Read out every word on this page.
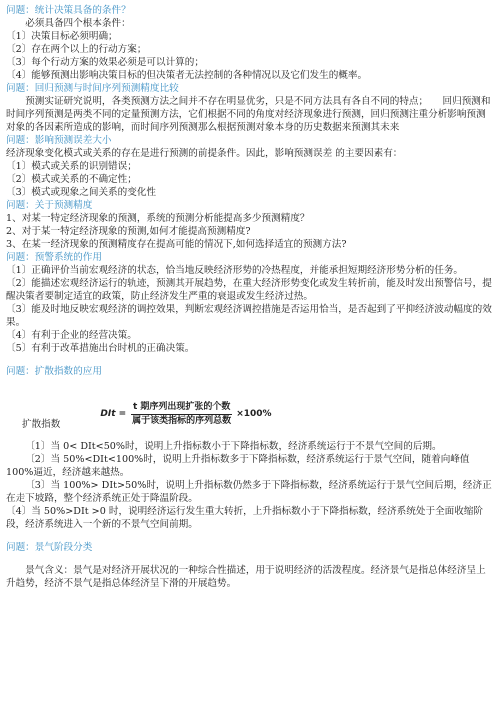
问题：统计决策具备的条件？

必须具备四个根本条件：

〔1〕决策目标必须明确；

〔2〕存在两个以上的行动方案；

〔3〕每个行动方案的效果必须是可以计算的；

〔4〕能够预测出影响决策目标的但决策者无法控制的各种情况以及它们发生的概率。

问题：回归预测与时间序列预测精度比较

预测实证研究说明，各类预测方法之间并不存在明显优劣，只是不同方法具有各自不同的特点；　　回归预测和时间序列预测是两类不同的定量预测方法，它们根据不同的角度对经济现象进行预测，回归预测注重分析影响预测对象的各因素所造成的影响，而时间序列预测那么根据预测对象本身的历史数据来预测其未来

问题：影响预测误差大小

经济现象变化模式或关系的存在是进行预测的前提条件。因此，影响预测误差 的主要因素有：

〔1〕模式或关系的识别错误；

〔2〕模式或关系的不确定性；

〔3〕模式或现象之间关系的变化性

问题：关于预测精度

1、对某一特定经济现象的预测，系统的预测分析能提高多少预测精度？

2、对于某一特定经济现象的预测,如何才能提高预测精度?

3、在某一经济现象的预测精度存在提高可能的情况下,如何选择适宜的预测方法?

问题：预警系统的作用

〔1〕正确评价当前宏观经济的状态，恰当地反映经济形势的冷热程度，并能承担短期经济形势分析的任务。

〔2〕能描述宏观经济运行的轨迹，预测其开展趋势，在重大经济形势变化或发生转折前，能及时发出预警信号，提醒决策者要制定适宜的政策，防止经济发生严重的衰退或发生经济过热。

〔3〕能及时地反映宏观经济的调控效果，判断宏观经济调控措施是否运用恰当，是否起到了平抑经济波动幅度的效果。

〔4〕有利于企业的经营决策。

〔5〕有利于改革措施出台时机的正确决策。

问题：扩散指数的应用

扩散指数
DIt = $\frac{\text{t 期序列出现扩张的个数}}{\text{属于该类指标的序列总数}} \times 100\%$

〔1〕当 0< DIt<50%时，说明上升指标数小于下降指标数，经济系统运行于不景气空间的后期。

〔2〕当 50%<DIt<100%时，说明上升指标数多于下降指标数，经济系统运行于景气空间，随着向峰值 100%逼近，经济越来越热。

〔3〕当 100%> DIt>50%时，说明上升指标数仍然多于下降指标数，经济系统运行于景气空间后期，经济正在走下坡路，整个经济系统正处于降温阶段。

〔4〕当 50%>DIt >0 时，说明经济运行发生重大转折，上升指标数小于下降指标数，经济系统处于全面收缩阶段，经济系统进入一个新的不景气空间前期。

问题：景气阶段分类

景气含义：景气是对经济开展状况的一种综合性描述，用于说明经济的活泼程度。经济景气是指总体经济呈上升趋势，经济不景气是指总体经济呈下滑的开展趋势。
